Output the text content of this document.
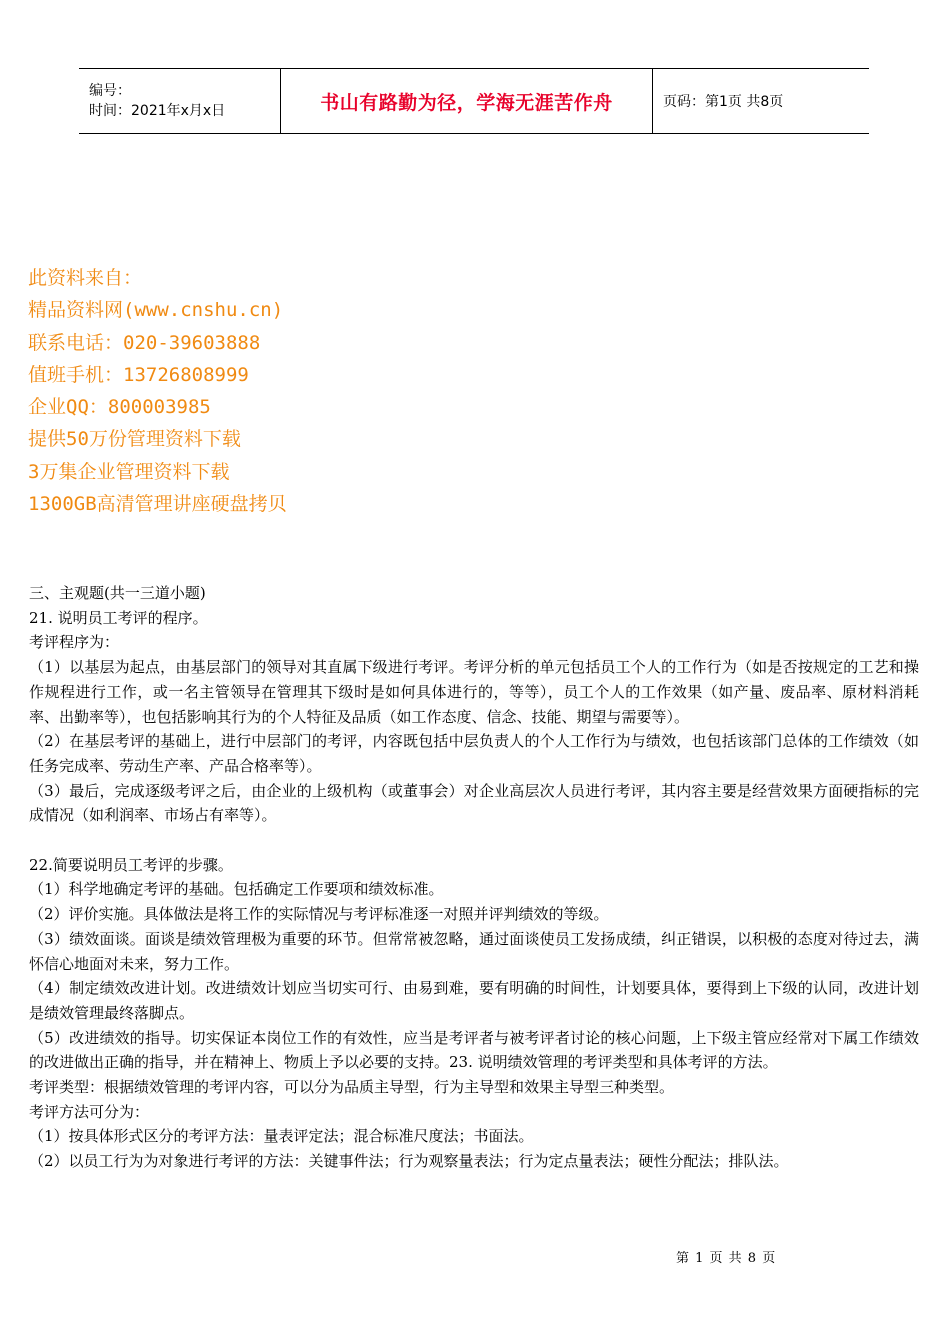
编号：
时间：2021年x月x日	书山有路勤为径，学海无涯苦作舟	页码：第1页 共8页
此资料来自：
精品资料网(www.cnshu.cn)
联系电话：020-39603888
值班手机：13726808999
企业QQ：800003985
提供50万份管理资料下载
3万集企业管理资料下载
1300GB高清管理讲座硬盘拷贝

三、主观题(共一三道小题)

21. 说明员工考评的程序。

考评程序为：

（1）以基层为起点，由基层部门的领导对其直属下级进行考评。考评分析的单元包括员工个人的工作行为（如是否按规定的工艺和操作规程进行工作，或一名主管领导在管理其下级时是如何具体进行的，等等），员工个人的工作效果（如产量、废品率、原材料消耗率、出勤率等），也包括影响其行为的个人特征及品质（如工作态度、信念、技能、期望与需要等）。

（2）在基层考评的基础上，进行中层部门的考评，内容既包括中层负责人的个人工作行为与绩效，也包括该部门总体的工作绩效（如任务完成率、劳动生产率、产品合格率等）。

（3）最后，完成逐级考评之后，由企业的上级机构（或董事会）对企业高层次人员进行考评，其内容主要是经营效果方面硬指标的完成情况（如利润率、市场占有率等）。

22.简要说明员工考评的步骤。

（1）科学地确定考评的基础。包括确定工作要项和绩效标准。

（2）评价实施。具体做法是将工作的实际情况与考评标准逐一对照并评判绩效的等级。

（3）绩效面谈。面谈是绩效管理极为重要的环节。但常常被忽略，通过面谈使员工发扬成绩，纠正错误，以积极的态度对待过去，满怀信心地面对未来，努力工作。

（4）制定绩效改进计划。改进绩效计划应当切实可行、由易到难，要有明确的时间性，计划要具体，要得到上下级的认同，改进计划是绩效管理最终落脚点。

（5）改进绩效的指导。切实保证本岗位工作的有效性，应当是考评者与被考评者讨论的核心问题，上下级主管应经常对下属工作绩效的改进做出正确的指导，并在精神上、物质上予以必要的支持。23. 说明绩效管理的考评类型和具体考评的方法。

考评类型：根据绩效管理的考评内容，可以分为品质主导型，行为主导型和效果主导型三种类型。

考评方法可分为：

（1）按具体形式区分的考评方法：量表评定法；混合标准尺度法；书面法。

（2）以员工行为为对象进行考评的方法：关键事件法；行为观察量表法；行为定点量表法；硬性分配法；排队法。

第 1 页 共 8 页
